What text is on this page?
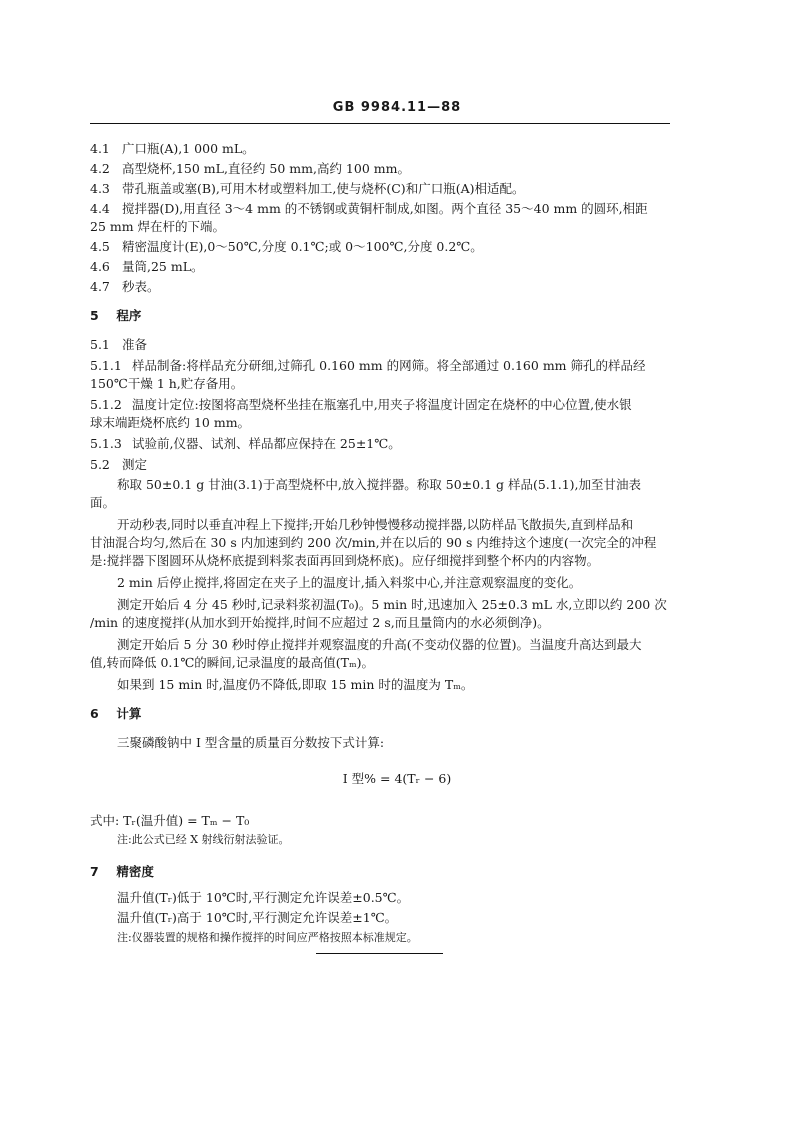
GB 9984.11—88
4.1 广口瓶(A),1 000 mL。
4.2 高型烧杯,150 mL,直径约 50 mm,高约 100 mm。
4.3 带孔瓶盖或塞(B),可用木材或塑料加工,使与烧杯(C)和广口瓶(A)相适配。
4.4 搅拌器(D),用直径 3～4 mm 的不锈钢或黄铜杆制成,如图。两个直径 35～40 mm 的圆环,相距
25 mm 焊在杆的下端。
4.5 精密温度计(E),0～50℃,分度 0.1℃;或 0～100℃,分度 0.2℃。
4.6 量筒,25 mL。
4.7 秒表。
5 程序
5.1 准备
5.1.1 样品制备:将样品充分研细,过筛孔 0.160 mm 的网筛。将全部通过 0.160 mm 筛孔的样品经
150℃干燥 1 h,贮存备用。
5.1.2 温度计定位:按图将高型烧杯坐挂在瓶塞孔中,用夹子将温度计固定在烧杯的中心位置,使水银
球末端距烧杯底约 10 mm。
5.1.3 试验前,仪器、试剂、样品都应保持在 25±1℃。
5.2 测定
称取 50±0.1 g 甘油(3.1)于高型烧杯中,放入搅拌器。称取 50±0.1 g 样品(5.1.1),加至甘油表
面。
开动秒表,同时以垂直冲程上下搅拌;开始几秒钟慢慢移动搅拌器,以防样品飞散损失,直到样品和
甘油混合均匀,然后在 30 s 内加速到约 200 次/min,并在以后的 90 s 内维持这个速度(一次完全的冲程
是:搅拌器下图圆环从烧杯底提到料浆表面再回到烧杯底)。应仔细搅拌到整个杯内的内容物。
2 min 后停止搅拌,将固定在夹子上的温度计,插入料浆中心,并注意观察温度的变化。
测定开始后 4 分 45 秒时,记录料浆初温(T₀)。5 min 时,迅速加入 25±0.3 mL 水,立即以约 200 次
/min 的速度搅拌(从加水到开始搅拌,时间不应超过 2 s,而且量筒内的水必须倒净)。
测定开始后 5 分 30 秒时停止搅拌并观察温度的升高(不变动仪器的位置)。当温度升高达到最大
值,转而降低 0.1℃的瞬间,记录温度的最高值(Tₘ)。
如果到 15 min 时,温度仍不降低,即取 15 min 时的温度为 Tₘ。
6 计算
三聚磷酸钠中 I 型含量的质量百分数按下式计算:
I 型% = 4(Tᵣ − 6)
式中: Tᵣ(温升值) = Tₘ − T₀
注:此公式已经 X 射线衍射法验证。
7 精密度
温升值(Tᵣ)低于 10℃时,平行测定允许误差±0.5℃。
温升值(Tᵣ)高于 10℃时,平行测定允许误差±1℃。
注:仪器装置的规格和操作搅拌的时间应严格按照本标准规定。
